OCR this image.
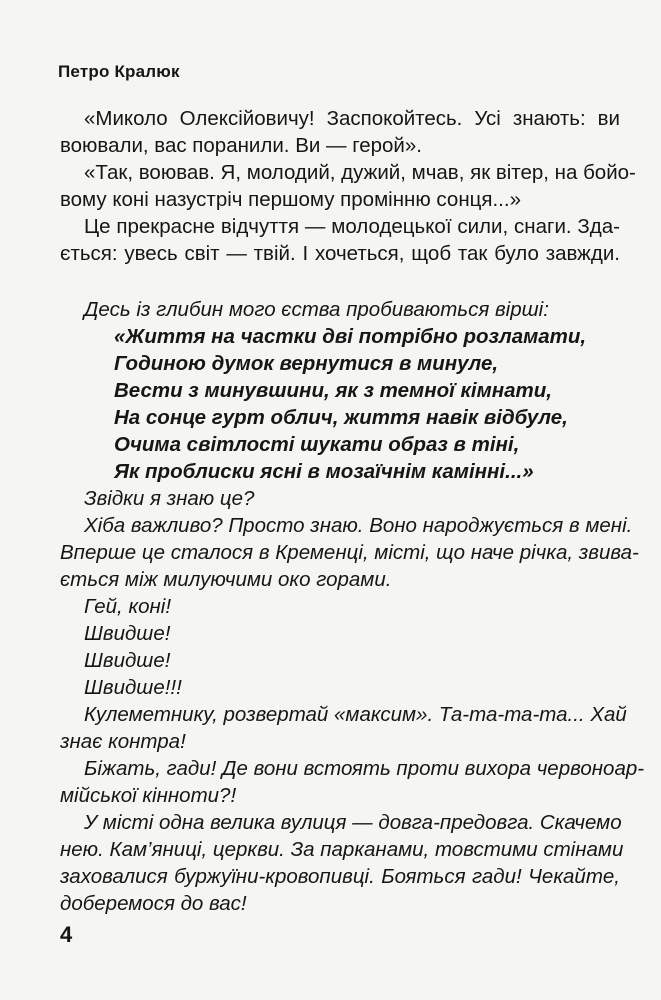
Петро Кралюк
«Миколо Олексійовичу! Заспокойтесь. Усі знають: ви
воювали, вас поранили. Ви — герой».
«Так, воював. Я, молодий, дужий, мчав, як вітер, на бойо-
вому коні назустріч першому промінню сонця...»
Це прекрасне відчуття — молодецької сили, снаги. Зда-
ється: увесь світ — твій. І хочеться, щоб так було завжди.
Десь із глибин мого єства пробиваються вірші:
«Життя на частки дві потрібно розламати,
Годиною думок вернутися в минуле,
Вести з минувшини, як з темної кімнати,
На сонце гурт облич, життя навік відбуле,
Очима світлості шукати образ в тіні,
Як проблиски ясні в мозаїчнім камінні...»
Звідки я знаю це?
Хіба важливо? Просто знаю. Воно народжується в мені.
Вперше це сталося в Кременці, місті, що наче річка, звива-
ється між милуючими око горами.
Гей, коні!
Швидше!
Швидше!
Швидше!!!
Кулеметнику, розвертай «максим». Та-та-та-та... Хай
знає контра!
Біжать, гади! Де вони встоять проти вихора червоноар-
мійської кінноти?!
У місті одна велика вулиця — довга-предовга. Скачемо
нею. Кам’яниці, церкви. За парканами, товстими стінами
заховалися буржуїни-кровопивці. Бояться гади! Чекайте,
доберемося до вас!
4
